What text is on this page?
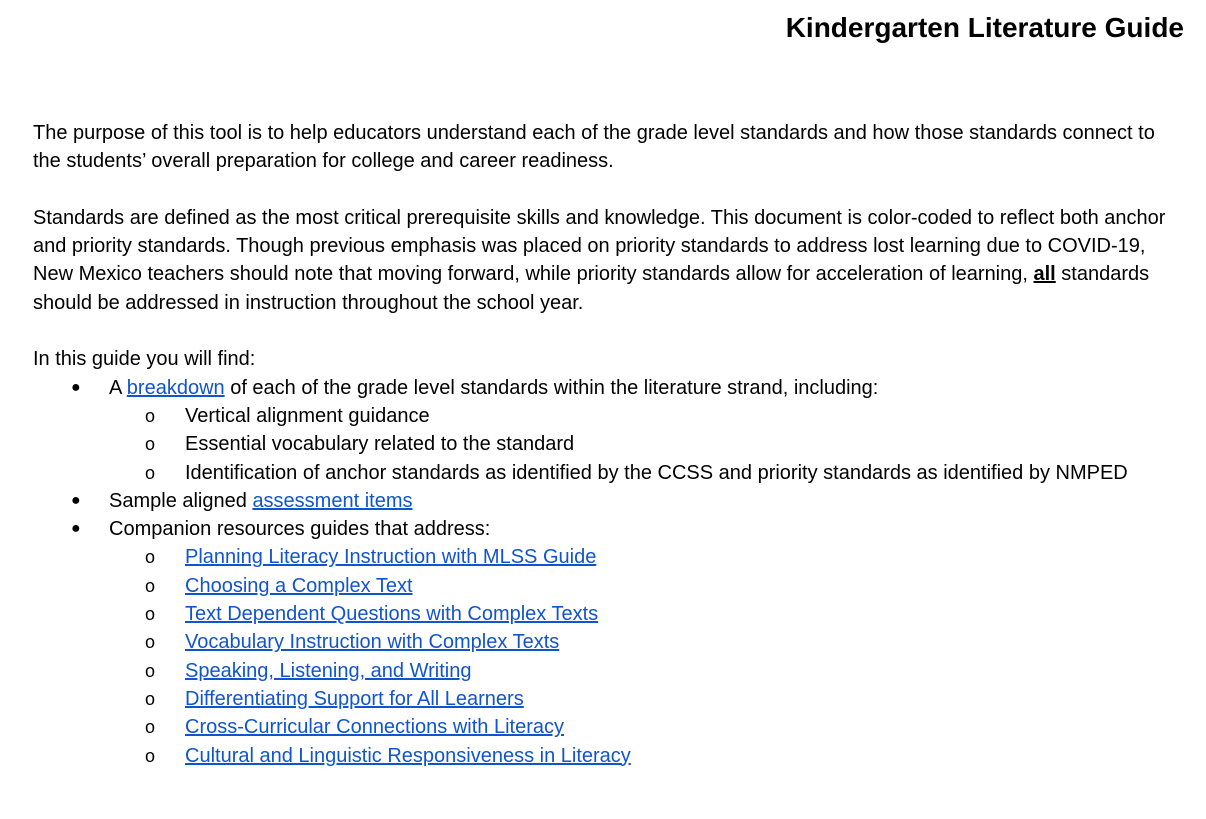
Kindergarten Literature Guide

The purpose of this tool is to help educators understand each of the grade level standards and how those standards connect to the students’ overall preparation for college and career readiness.

Standards are defined as the most critical prerequisite skills and knowledge. This document is color-coded to reflect both anchor and priority standards. Though previous emphasis was placed on priority standards to address lost learning due to COVID-19, New Mexico teachers should note that moving forward, while priority standards allow for acceleration of learning, all standards should be addressed in instruction throughout the school year.

In this guide you will find:

● A breakdown of each of the grade level standards within the literature strand, including:
o Vertical alignment guidance
o Essential vocabulary related to the standard
o Identification of anchor standards as identified by the CCSS and priority standards as identified by NMPED
● Sample aligned assessment items
● Companion resources guides that address:
o Planning Literacy Instruction with MLSS Guide
o Choosing a Complex Text
o Text Dependent Questions with Complex Texts
o Vocabulary Instruction with Complex Texts
o Speaking, Listening, and Writing
o Differentiating Support for All Learners
o Cross-Curricular Connections with Literacy
o Cultural and Linguistic Responsiveness in Literacy
